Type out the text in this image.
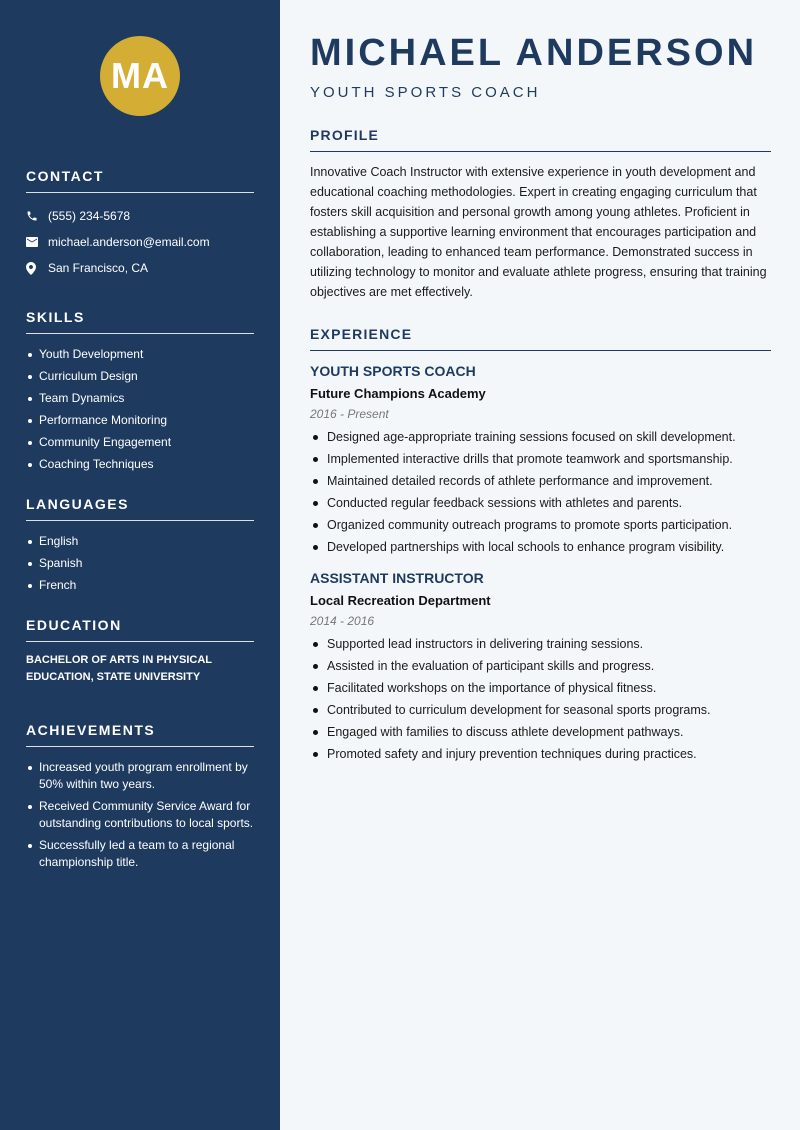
MA
CONTACT
(555) 234-5678
michael.anderson@email.com
San Francisco, CA
SKILLS
Youth Development
Curriculum Design
Team Dynamics
Performance Monitoring
Community Engagement
Coaching Techniques
LANGUAGES
English
Spanish
French
EDUCATION

BACHELOR OF ARTS IN PHYSICAL EDUCATION, STATE UNIVERSITY

ACHIEVEMENTS
Increased youth program enrollment by 50% within two years.
Received Community Service Award for outstanding contributions to local sports.
Successfully led a team to a regional championship title.
MICHAEL ANDERSON

YOUTH SPORTS COACH

PROFILE

Innovative Coach Instructor with extensive experience in youth development and educational coaching methodologies. Expert in creating engaging curriculum that fosters skill acquisition and personal growth among young athletes. Proficient in establishing a supportive learning environment that encourages participation and collaboration, leading to enhanced team performance. Demonstrated success in utilizing technology to monitor and evaluate athlete progress, ensuring that training objectives are met effectively.

EXPERIENCE
YOUTH SPORTS COACH

Future Champions Academy

2016 - Present

Designed age-appropriate training sessions focused on skill development.
Implemented interactive drills that promote teamwork and sportsmanship.
Maintained detailed records of athlete performance and improvement.
Conducted regular feedback sessions with athletes and parents.
Organized community outreach programs to promote sports participation.
Developed partnerships with local schools to enhance program visibility.
ASSISTANT INSTRUCTOR

Local Recreation Department

2014 - 2016

Supported lead instructors in delivering training sessions.
Assisted in the evaluation of participant skills and progress.
Facilitated workshops on the importance of physical fitness.
Contributed to curriculum development for seasonal sports programs.
Engaged with families to discuss athlete development pathways.
Promoted safety and injury prevention techniques during practices.
